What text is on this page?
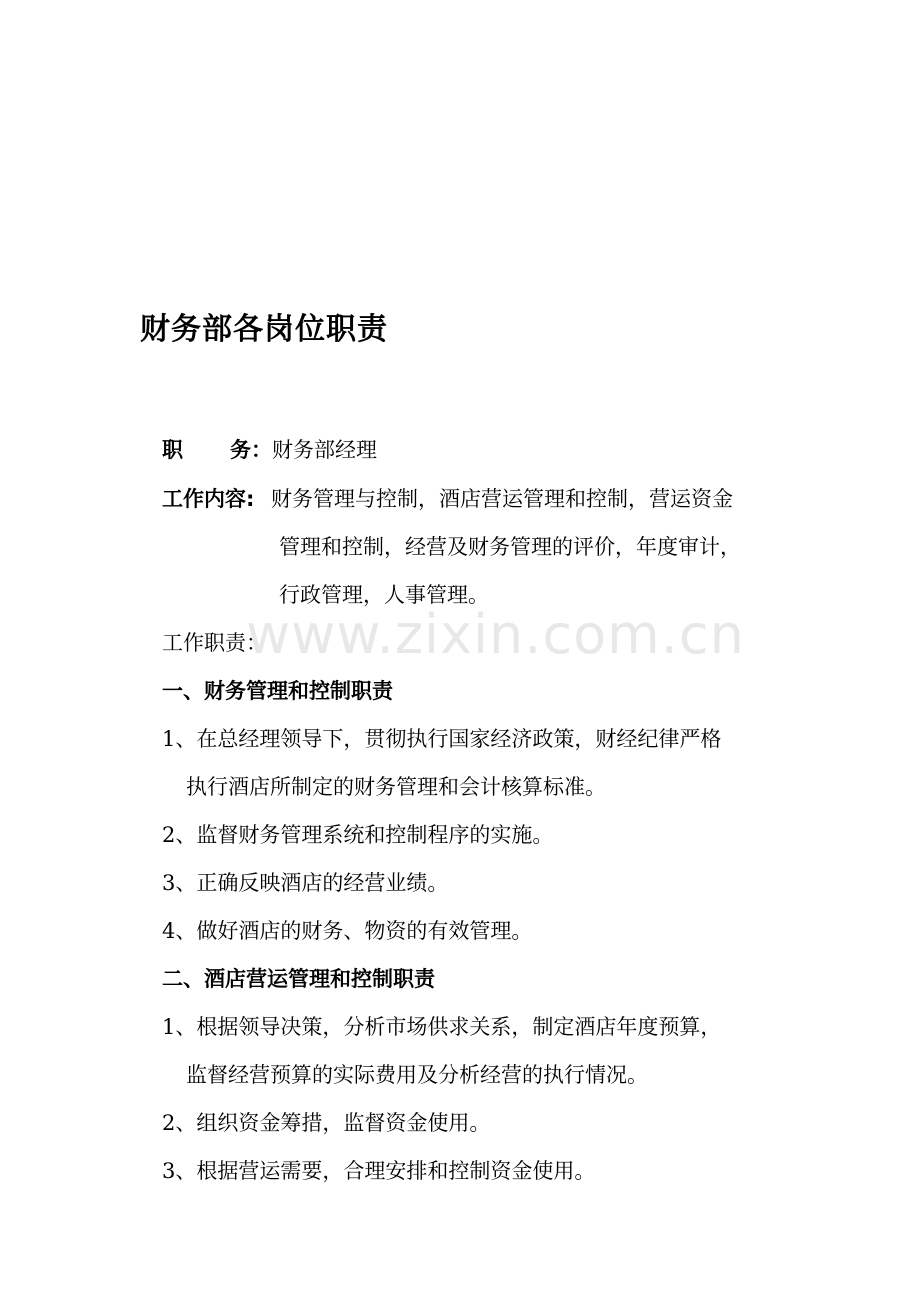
财务部各岗位职责
职 务：财务部经理
工作内容: 财务管理与控制，酒店营运管理和控制，营运资金
管理和控制，经营及财务管理的评价，年度审计，
行政管理，人事管理。
工作职责：
一、财务管理和控制职责
1、在总经理领导下，贯彻执行国家经济政策，财经纪律严格
执行酒店所制定的财务管理和会计核算标准。
2、监督财务管理系统和控制程序的实施。
3、正确反映酒店的经营业绩。
4、做好酒店的财务、物资的有效管理。
二、酒店营运管理和控制职责
1、根据领导决策，分析市场供求关系，制定酒店年度预算，
监督经营预算的实际费用及分析经营的执行情况。
2、组织资金筹措，监督资金使用。
3、根据营运需要，合理安排和控制资金使用。
www.zixin.com.cn
